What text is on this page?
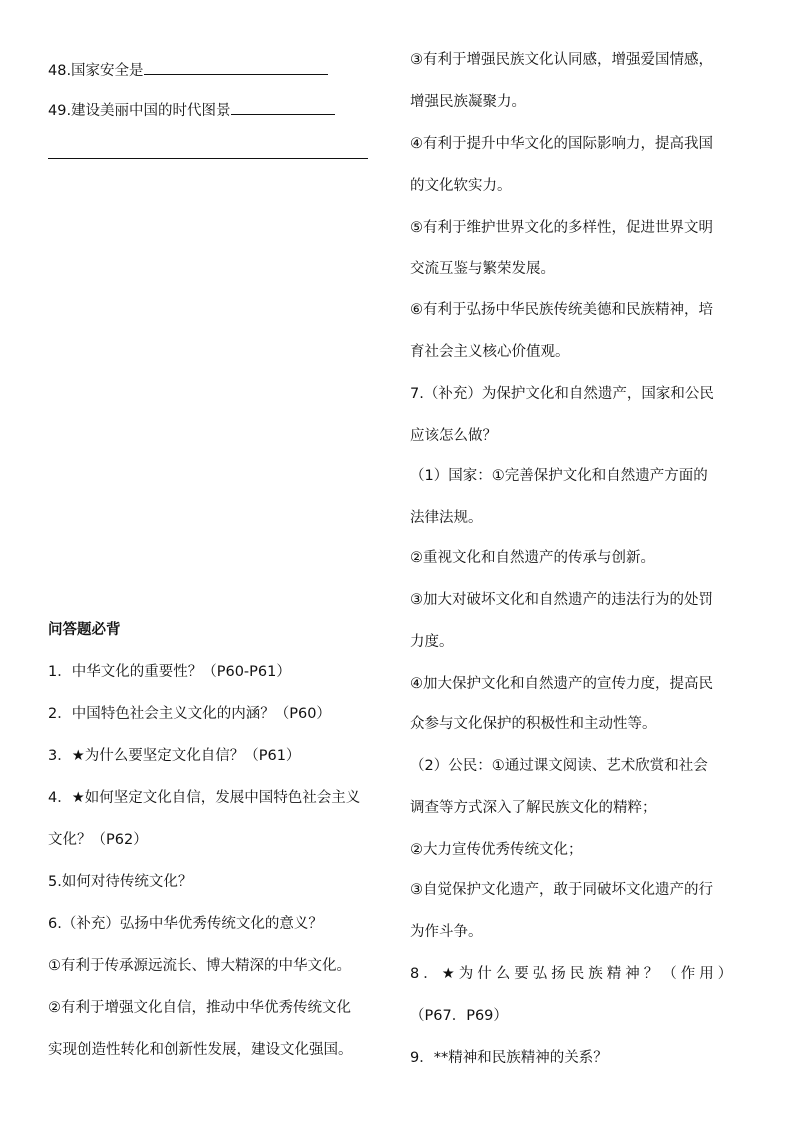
48.国家安全是
49.建设美丽中国的时代图景
问答题必背
1．中华文化的重要性？（P60-P61）
2．中国特色社会主义文化的内涵？（P60）
3．★为什么要坚定文化自信？（P61）
4．★如何坚定文化自信，发展中国特色社会主义
文化？（P62）
5.如何对待传统文化？
6.（补充）弘扬中华优秀传统文化的意义？
①有利于传承源远流长、博大精深的中华文化。
②有利于增强文化自信，推动中华优秀传统文化
实现创造性转化和创新性发展，建设文化强国。
③有利于增强民族文化认同感，增强爱国情感，
增强民族凝聚力。
④有利于提升中华文化的国际影响力，提高我国
的文化软实力。
⑤有利于维护世界文化的多样性，促进世界文明
交流互鉴与繁荣发展。
⑥有利于弘扬中华民族传统美德和民族精神，培
育社会主义核心价值观。
7.（补充）为保护文化和自然遗产，国家和公民
应该怎么做？
（1）国家：①完善保护文化和自然遗产方面的
法律法规。
②重视文化和自然遗产的传承与创新。
③加大对破坏文化和自然遗产的违法行为的处罚
力度。
④加大保护文化和自然遗产的宣传力度，提高民
众参与文化保护的积极性和主动性等。
（2）公民：①通过课文阅读、艺术欣赏和社会
调查等方式深入了解民族文化的精粹；
②大力宣传优秀传统文化；
③自觉保护文化遗产，敢于同破坏文化遗产的行
为作斗争。
8．★为什么要弘扬民族精神？（作用）
（P67．P69）
9．**精神和民族精神的关系？
